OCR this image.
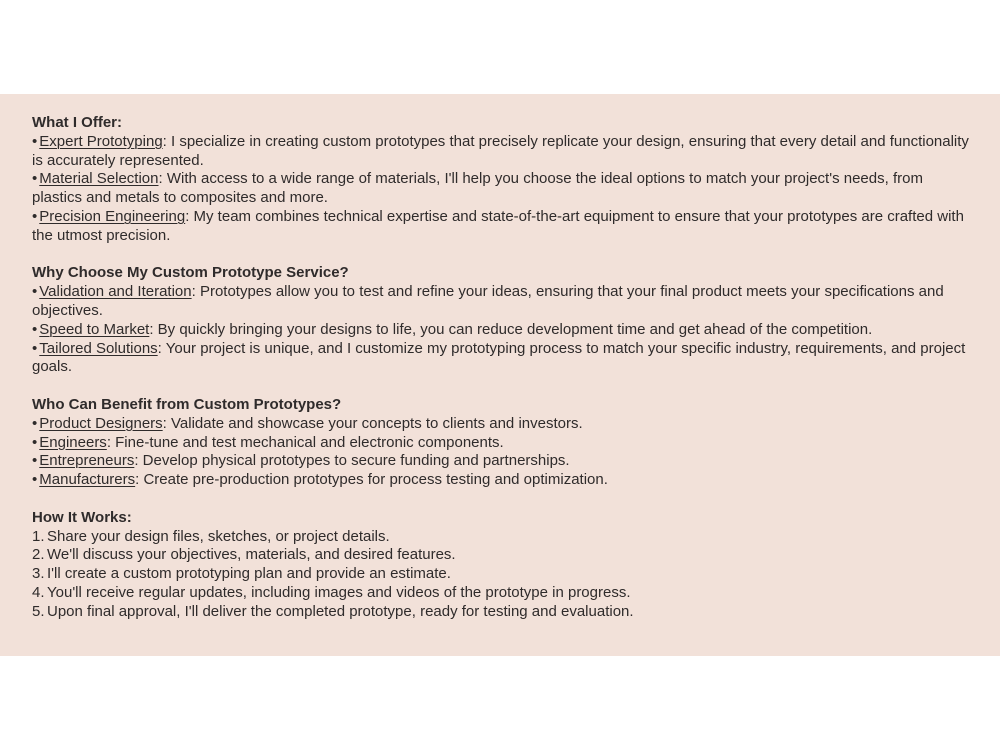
What I Offer:
• Expert Prototyping: I specialize in creating custom prototypes that precisely replicate your design, ensuring that every detail and functionality is accurately represented.
• Material Selection: With access to a wide range of materials, I'll help you choose the ideal options to match your project's needs, from plastics and metals to composites and more.
• Precision Engineering: My team combines technical expertise and state-of-the-art equipment to ensure that your prototypes are crafted with the utmost precision.
Why Choose My Custom Prototype Service?
• Validation and Iteration: Prototypes allow you to test and refine your ideas, ensuring that your final product meets your specifications and objectives.
• Speed to Market: By quickly bringing your designs to life, you can reduce development time and get ahead of the competition.
• Tailored Solutions: Your project is unique, and I customize my prototyping process to match your specific industry, requirements, and project goals.
Who Can Benefit from Custom Prototypes?
• Product Designers: Validate and showcase your concepts to clients and investors.
• Engineers: Fine-tune and test mechanical and electronic components.
• Entrepreneurs: Develop physical prototypes to secure funding and partnerships.
• Manufacturers: Create pre-production prototypes for process testing and optimization.
How It Works:
1. Share your design files, sketches, or project details.
2. We'll discuss your objectives, materials, and desired features.
3. I'll create a custom prototyping plan and provide an estimate.
4. You'll receive regular updates, including images and videos of the prototype in progress.
5. Upon final approval, I'll deliver the completed prototype, ready for testing and evaluation.
